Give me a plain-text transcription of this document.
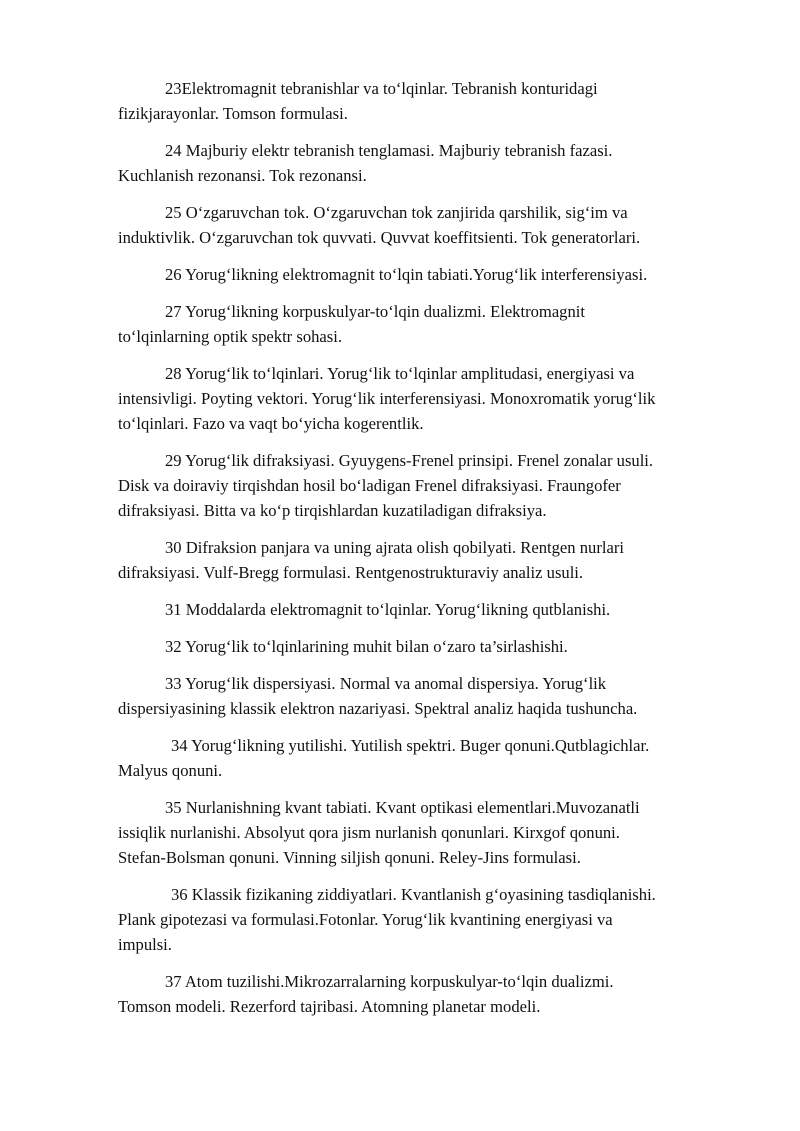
23Elektromagnit tebranishlar va to‘lqinlar. Tebranish konturidagi
fizikjarayonlar. Tomson formulasi.

24 Majburiy elektr tebranish tenglamasi. Majburiy tebranish fazasi.
Kuchlanish rezonansi. Tok rezonansi.

25 O‘zgaruvchan tok. O‘zgaruvchan tok zanjirida qarshilik, sig‘im va
induktivlik. O‘zgaruvchan tok quvvati. Quvvat koeffitsienti. Tok generatorlari.

26 Yorug‘likning elektromagnit to‘lqin tabiati.Yorug‘lik interferensiyasi.

27 Yorug‘likning korpuskulyar-to‘lqin dualizmi. Elektromagnit
to‘lqinlarning optik spektr sohasi.

28 Yorug‘lik to‘lqinlari. Yorug‘lik to‘lqinlar amplitudasi, energiyasi va
intensivligi. Poyting vektori. Yorug‘lik interferensiyasi. Monoxromatik yorug‘lik
to‘lqinlari. Fazo va vaqt bo‘yicha kogerentlik.

29 Yorug‘lik difraksiyasi. Gyuygens-Frenel prinsipi. Frenel zonalar usuli.
Disk va doiraviy tirqishdan hosil bo‘ladigan Frenel difraksiyasi. Fraungofer
difraksiyasi. Bitta va ko‘p tirqishlardan kuzatiladigan difraksiya.

30 Difraksion panjara va uning ajrata olish qobilyati. Rentgen nurlari
difraksiyasi. Vulf-Bregg formulasi. Rentgenostrukturaviy analiz usuli.

31 Moddalarda elektromagnit to‘lqinlar. Yorug‘likning qutblanishi.

32 Yorug‘lik to‘lqinlarining muhit bilan o‘zaro ta’sirlashishi.

33 Yorug‘lik dispersiyasi. Normal va anomal dispersiya. Yorug‘lik
dispersiyasining klassik elektron nazariyasi. Spektral analiz haqida tushuncha.

34 Yorug‘likning yutilishi. Yutilish spektri. Buger qonuni.Qutblagichlar.
Malyus qonuni.

35 Nurlanishning kvant tabiati. Kvant optikasi elementlari.Muvozanatli
issiqlik nurlanishi. Absolyut qora jism nurlanish qonunlari. Kirxgof qonuni.
Stefan-Bolsman qonuni. Vinning siljish qonuni. Reley-Jins formulasi.

36 Klassik fizikaning ziddiyatlari. Kvantlanish g‘oyasining tasdiqlanishi.
Plank gipotezasi va formulasi.Fotonlar. Yorug‘lik kvantining energiyasi va
impulsi.

37 Atom tuzilishi.Mikrozarralarning korpuskulyar-to‘lqin dualizmi.
Tomson modeli. Rezerford tajribasi. Atomning planetar modeli.
